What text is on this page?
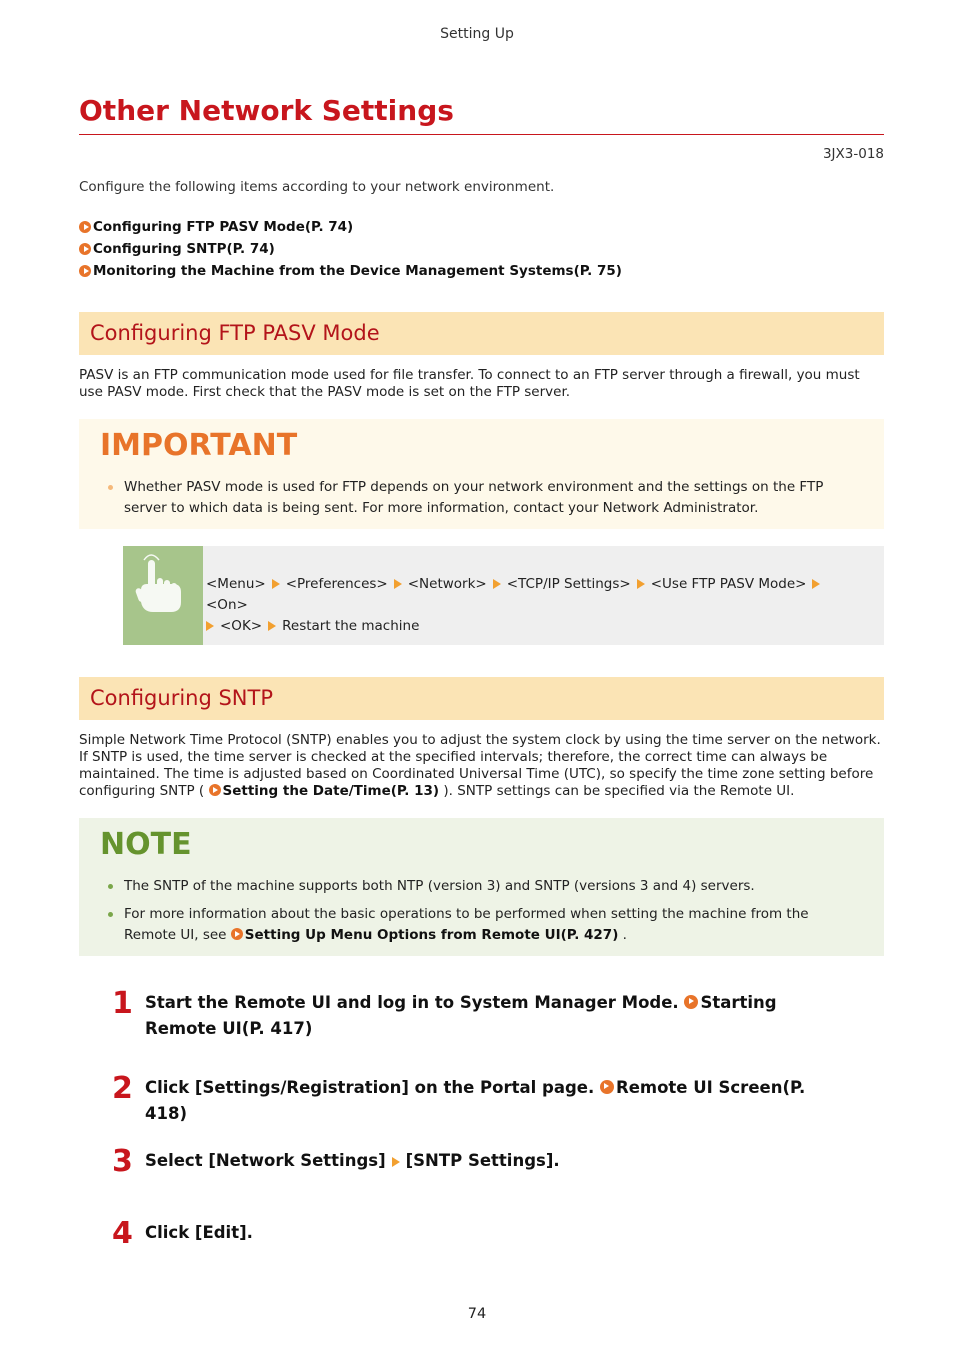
Setting Up
Other Network Settings
3JX3-018
Configure the following items according to your network environment.
Configuring FTP PASV Mode(P. 74)
Configuring SNTP(P. 74)
Monitoring the Machine from the Device Management Systems(P. 75)
Configuring FTP PASV Mode
PASV is an FTP communication mode used for file transfer. To connect to an FTP server through a firewall, you must use PASV mode. First check that the PASV mode is set on the FTP server.
IMPORTANT
Whether PASV mode is used for FTP depends on your network environment and the settings on the FTP server to which data is being sent. For more information, contact your Network Administrator.
<Menu> <Preferences> <Network> <TCP/IP Settings> <Use FTP PASV Mode><On>
<OK> Restart the machine
Configuring SNTP
Simple Network Time Protocol (SNTP) enables you to adjust the system clock by using the time server on the network. If SNTP is used, the time server is checked at the specified intervals; therefore, the correct time can always be maintained. The time is adjusted based on Coordinated Universal Time (UTC), so specify the time zone setting before configuring SNTP ( Setting the Date/Time(P. 13) ). SNTP settings can be specified via the Remote UI.
NOTE
The SNTP of the machine supports both NTP (version 3) and SNTP (versions 3 and 4) servers.
For more information about the basic operations to be performed when setting the machine from the Remote UI, see Setting Up Menu Options from Remote UI(P. 427) .
1 Start the Remote UI and log in to System Manager Mode. Starting Remote UI(P. 417)
2 Click [Settings/Registration] on the Portal page. Remote UI Screen(P. 418)
3 Select [Network Settings] [SNTP Settings].
4 Click [Edit].
74
